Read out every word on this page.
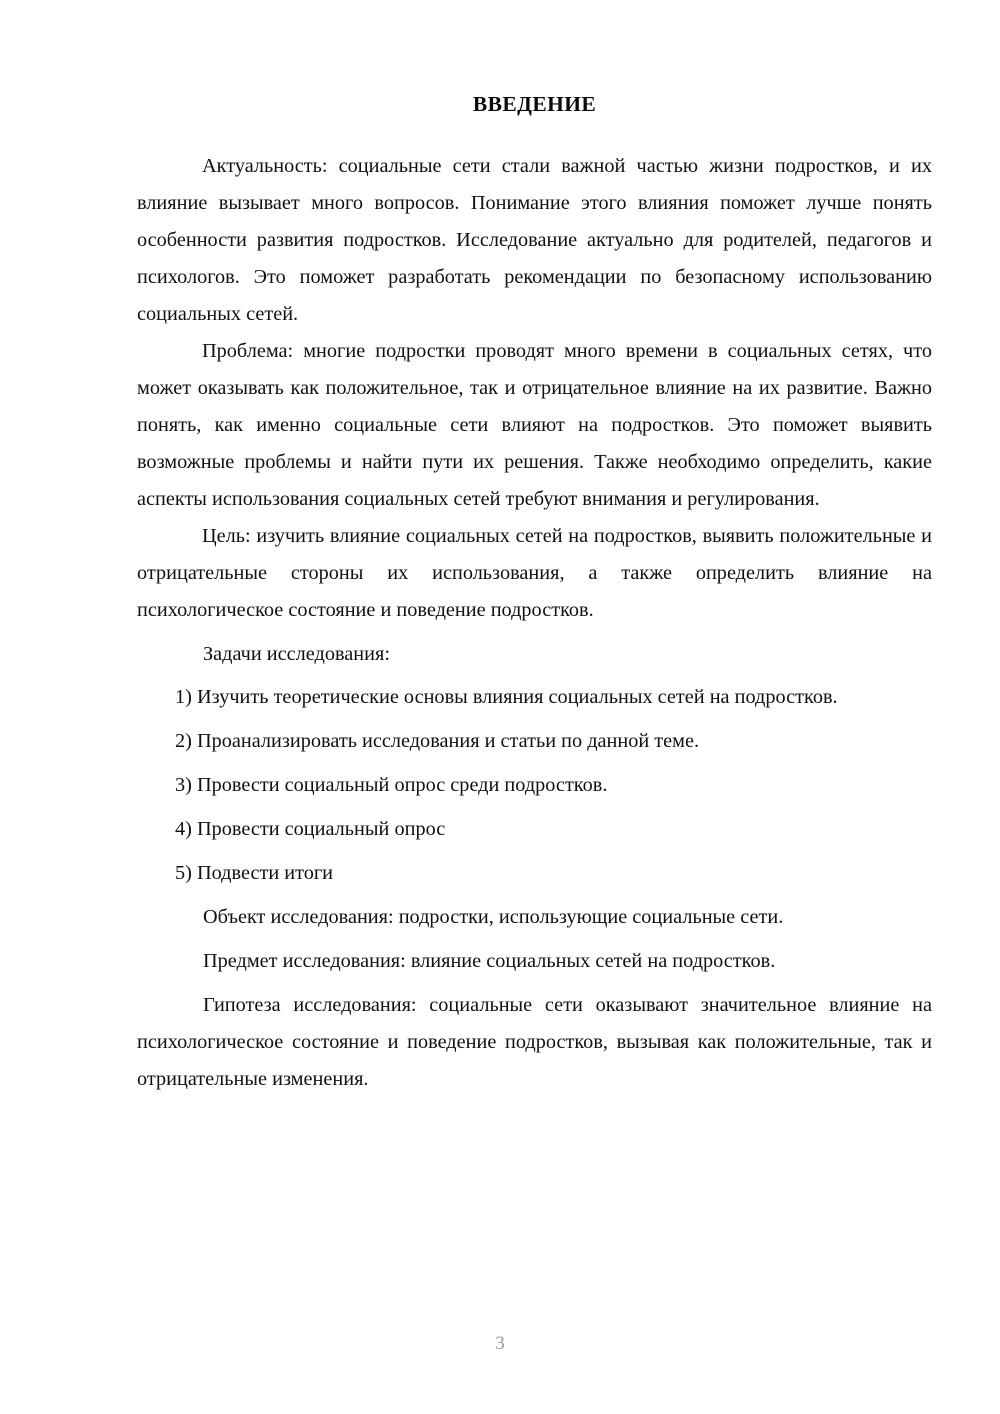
ВВЕДЕНИЕ

Актуальность: социальные сети стали важной частью жизни подростков, и их влияние вызывает много вопросов. Понимание этого влияния поможет лучше понять особенности развития подростков. Исследование актуально для родителей, педагогов и психологов. Это поможет разработать рекомендации по безопасному использованию социальных сетей.

Проблема: многие подростки проводят много времени в социальных сетях, что может оказывать как положительное, так и отрицательное влияние на их развитие. Важно понять, как именно социальные сети влияют на подростков. Это поможет выявить возможные проблемы и найти пути их решения. Также необходимо определить, какие аспекты использования социальных сетей требуют внимания и регулирования.

Цель: изучить влияние социальных сетей на подростков, выявить положительные и отрицательные стороны их использования, а также определить влияние на психологическое состояние и поведение подростков.

Задачи исследования:

1) Изучить теоретические основы влияния социальных сетей на подростков.
2) Проанализировать исследования и статьи по данной теме.
3) Провести социальный опрос среди подростков.
4) Провести социальный опрос
5) Подвести итоги

Объект исследования: подростки, использующие социальные сети.

Предмет исследования: влияние социальных сетей на подростков.

Гипотеза исследования: социальные сети оказывают значительное влияние на психологическое состояние и поведение подростков, вызывая как положительные, так и отрицательные изменения.

3
